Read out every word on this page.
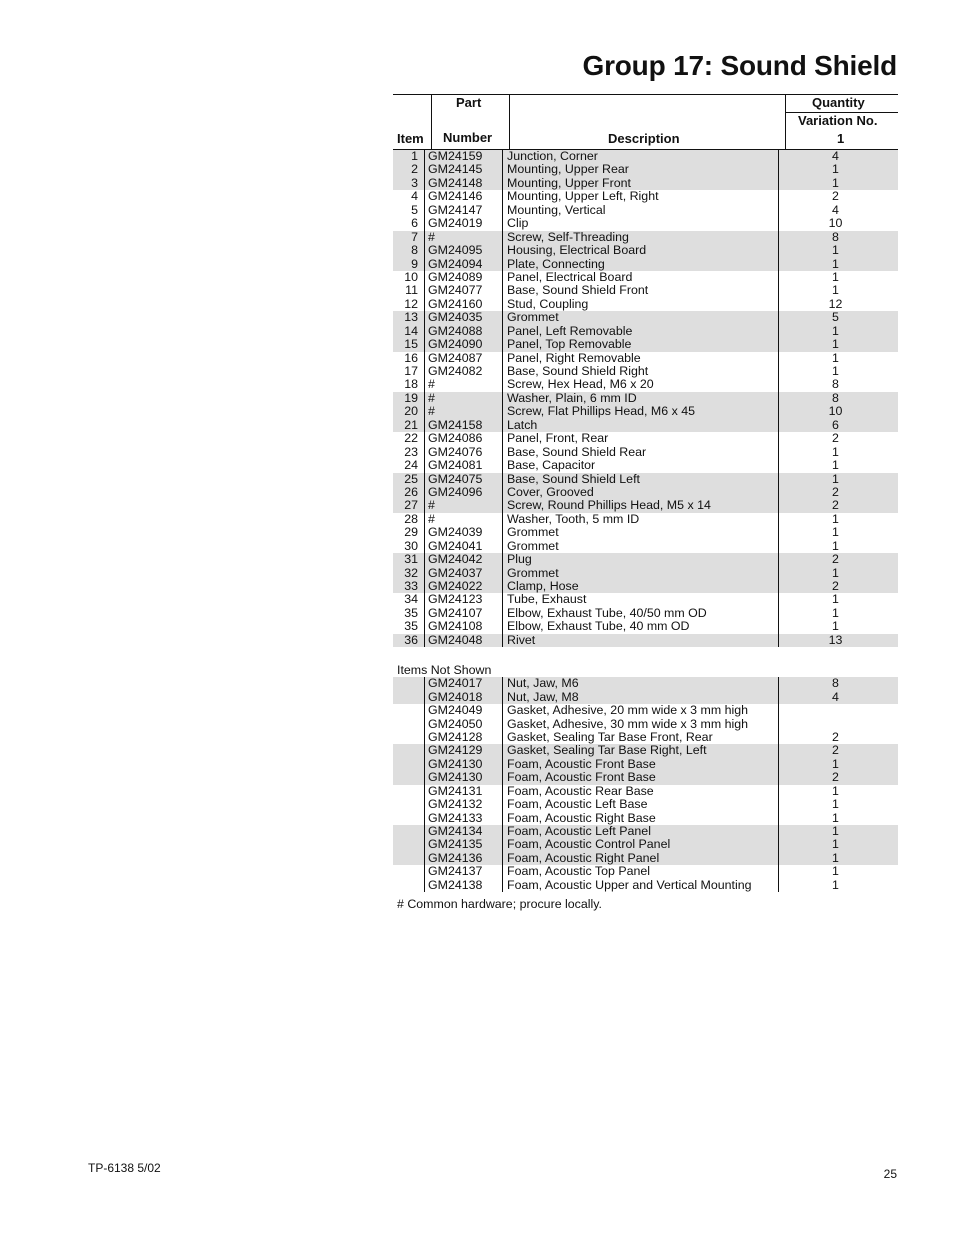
Group 17: Sound Shield
Item
Part
Number	Description
Quantity
Variation No.
1
1 GM24159	Junction, Corner	4
2 GM24145	Mounting, Upper Rear	1
3 GM24148	Mounting, Upper Front	1
4 GM24146	Mounting, Upper Left, Right	2
5 GM24147	Mounting, Vertical	4
6 GM24019	Clip	10
7 #	Screw, Self-Threading	8
8 GM24095	Housing, Electrical Board	1
9 GM24094	Plate, Connecting	1
10 GM24089	Panel, Electrical Board	1
11 GM24077	Base, Sound Shield Front	1
12 GM24160	Stud, Coupling	12
13 GM24035	Grommet	5
14 GM24088	Panel, Left Removable	1
15 GM24090	Panel, Top Removable	1
16 GM24087	Panel, Right Removable	1
17 GM24082	Base, Sound Shield Right	1
18 #	Screw, Hex Head, M6 x 20	8
19 #	Washer, Plain, 6 mm ID	8
20 #	Screw, Flat Phillips Head, M6 x 45	10
21 GM24158	Latch	6
22 GM24086	Panel, Front, Rear	2
23 GM24076	Base, Sound Shield Rear	1
24 GM24081	Base, Capacitor	1
25 GM24075	Base, Sound Shield Left	1
26 GM24096	Cover, Grooved	2
27 #	Screw, Round Phillips Head, M5 x 14	2
28 #	Washer, Tooth, 5 mm ID	1
29 GM24039	Grommet	1
30 GM24041	Grommet	1
31 GM24042	Plug	2
32 GM24037	Grommet	1
33 GM24022	Clamp, Hose	2
34 GM24123	Tube, Exhaust	1
35 GM24107	Elbow, Exhaust Tube, 40/50 mm OD	1
35 GM24108	Elbow, Exhaust Tube, 40 mm OD	1
36 GM24048	Rivet	13
Items Not Shown
GM24017	Nut, Jaw, M6	8
GM24018	Nut, Jaw, M8	4
GM24049	Gasket, Adhesive, 20 mm wide x 3 mm high
GM24050	Gasket, Adhesive, 30 mm wide x 3 mm high
GM24128	Gasket, Sealing Tar Base Front, Rear	2
GM24129	Gasket, Sealing Tar Base Right, Left	2
GM24130	Foam, Acoustic Front Base	1
GM24130	Foam, Acoustic Front Base	2
GM24131	Foam, Acoustic Rear Base	1
GM24132	Foam, Acoustic Left Base	1
GM24133	Foam, Acoustic Right Base	1
GM24134	Foam, Acoustic Left Panel	1
GM24135	Foam, Acoustic Control Panel	1
GM24136	Foam, Acoustic Right Panel	1
GM24137	Foam, Acoustic Top Panel	1
GM24138	Foam, Acoustic Upper and Vertical Mounting	1
# Common hardware; procure locally.
TP-6138 5/02	25
